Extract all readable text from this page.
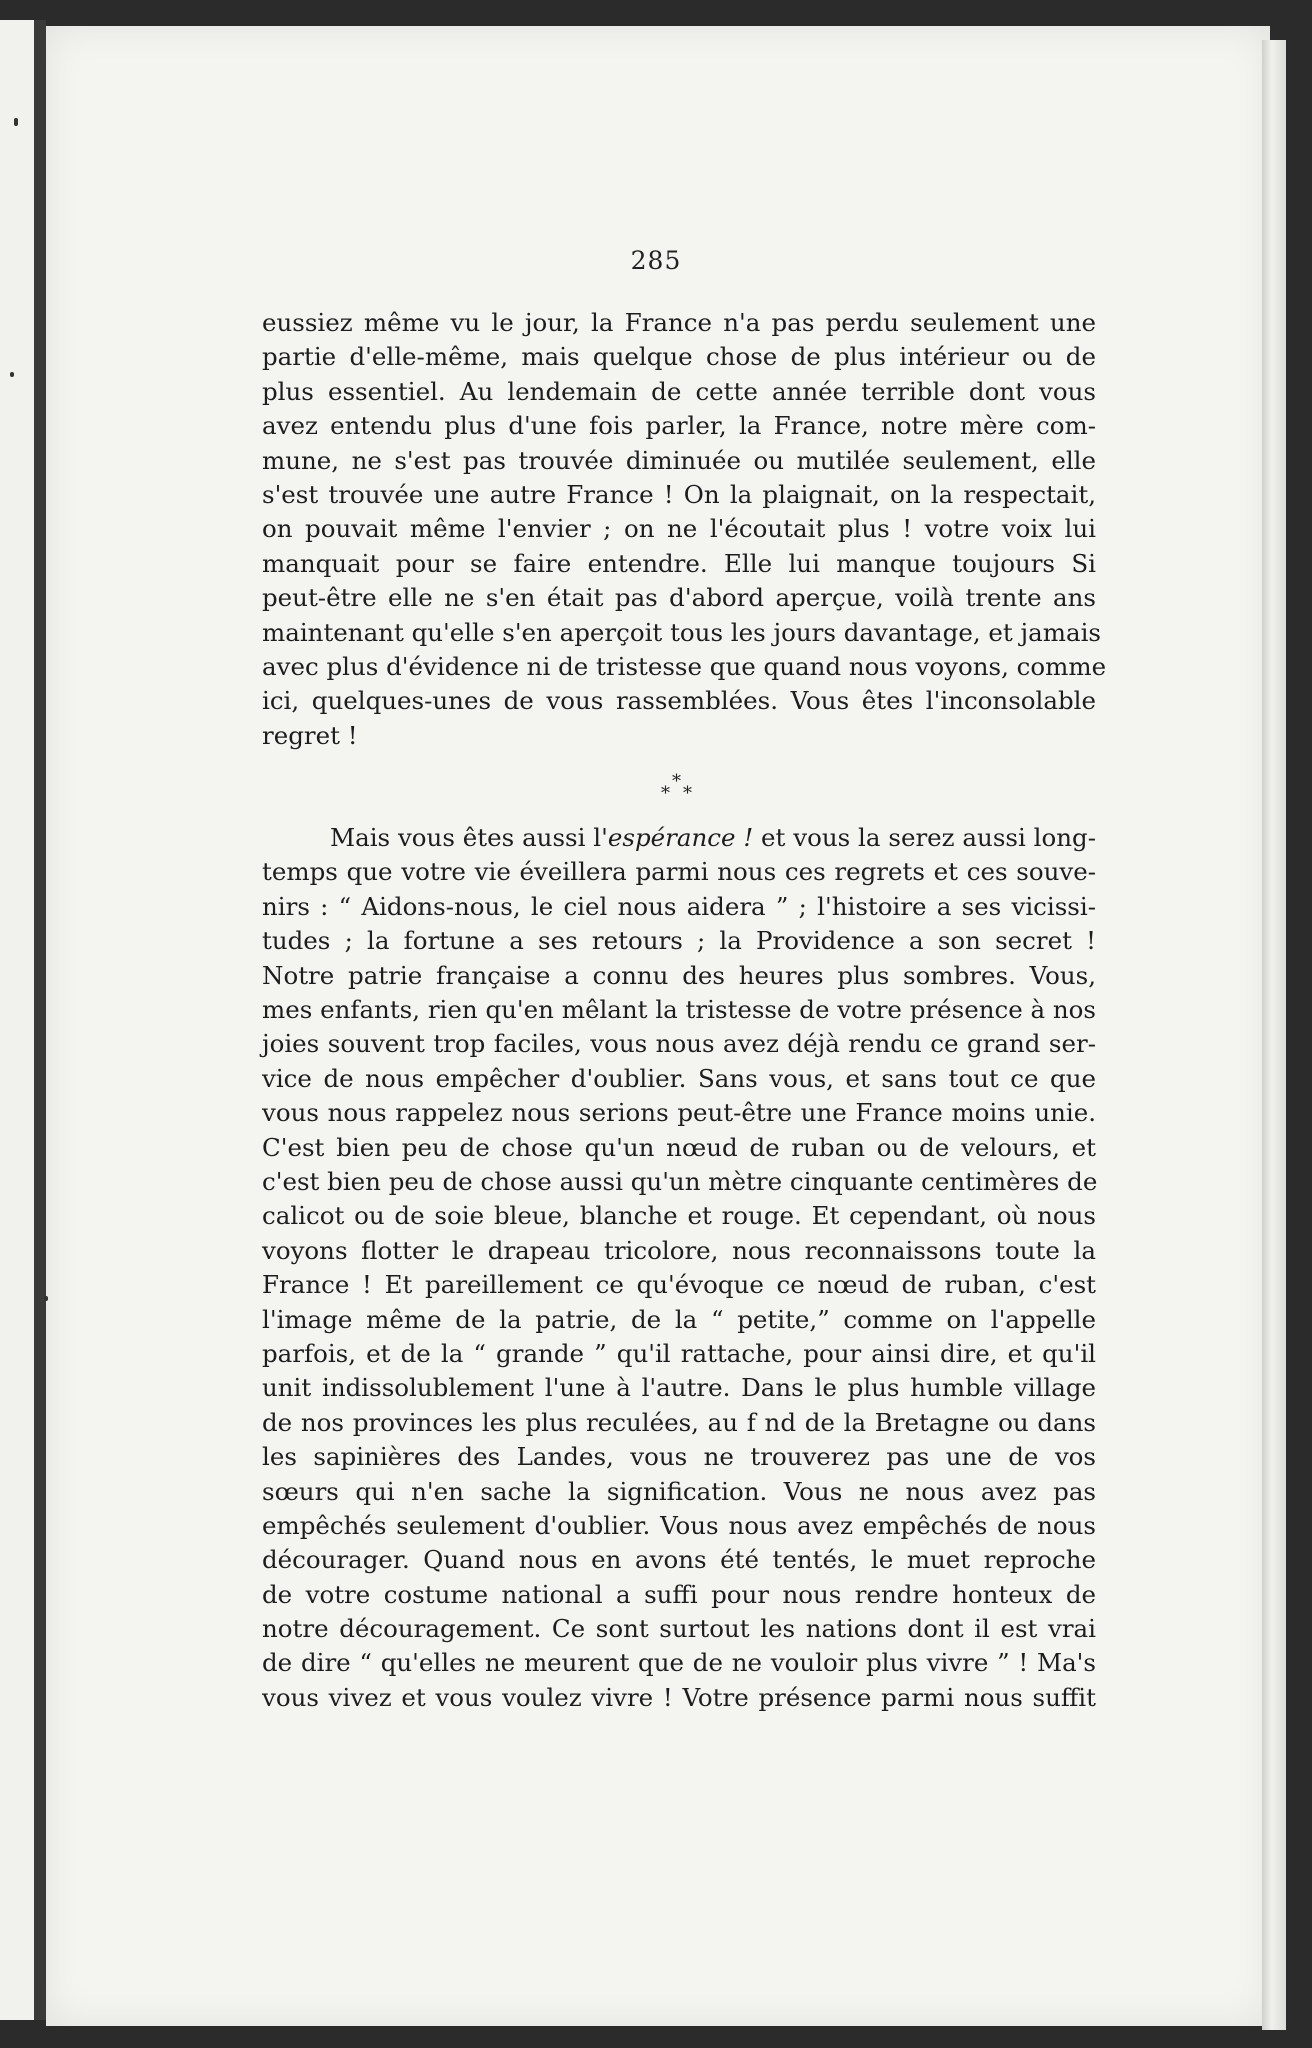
285
eussiez même vu le jour, la France n'a pas perdu seulement une
partie d'elle-même, mais quelque chose de plus intérieur ou de
plus essentiel. Au lendemain de cette année terrible dont vous
avez entendu plus d'une fois parler, la France, notre mère com-
mune, ne s'est pas trouvée diminuée ou mutilée seulement, elle
s'est trouvée une autre France ! On la plaignait, on la respectait,
on pouvait même l'envier ; on ne l'écoutait plus ! votre voix lui
manquait pour se faire entendre. Elle lui manque toujours Si
peut-être elle ne s'en était pas d'abord aperçue, voilà trente ans
maintenant qu'elle s'en aperçoit tous les jours davantage, et jamais
avec plus d'évidence ni de tristesse que quand nous voyons, comme
ici, quelques-unes de vous rassemblées. Vous êtes l'inconsolable
regret !
*
* *
Mais vous êtes aussi l'espérance ! et vous la serez aussi long-
temps que votre vie éveillera parmi nous ces regrets et ces souve-
nirs : “ Aidons-nous, le ciel nous aidera ” ; l'histoire a ses vicissi-
tudes ; la fortune a ses retours ; la Providence a son secret !
Notre patrie française a connu des heures plus sombres. Vous,
mes enfants, rien qu'en mêlant la tristesse de votre présence à nos
joies souvent trop faciles, vous nous avez déjà rendu ce grand ser-
vice de nous empêcher d'oublier. Sans vous, et sans tout ce que
vous nous rappelez nous serions peut-être une France moins unie.
C'est bien peu de chose qu'un nœud de ruban ou de velours, et
c'est bien peu de chose aussi qu'un mètre cinquante centimères de
calicot ou de soie bleue, blanche et rouge. Et cependant, où nous
voyons flotter le drapeau tricolore, nous reconnaissons toute la
France ! Et pareillement ce qu'évoque ce nœud de ruban, c'est
l'image même de la patrie, de la “ petite,” comme on l'appelle
parfois, et de la “ grande ” qu'il rattache, pour ainsi dire, et qu'il
unit indissolublement l'une à l'autre. Dans le plus humble village
de nos provinces les plus reculées, au f nd de la Bretagne ou dans
les sapinières des Landes, vous ne trouverez pas une de vos
sœurs qui n'en sache la signification. Vous ne nous avez pas
empêchés seulement d'oublier. Vous nous avez empêchés de nous
décourager. Quand nous en avons été tentés, le muet reproche
de votre costume national a suffi pour nous rendre honteux de
notre découragement. Ce sont surtout les nations dont il est vrai
de dire “ qu'elles ne meurent que de ne vouloir plus vivre ” ! Ma's
vous vivez et vous voulez vivre ! Votre présence parmi nous suffit
